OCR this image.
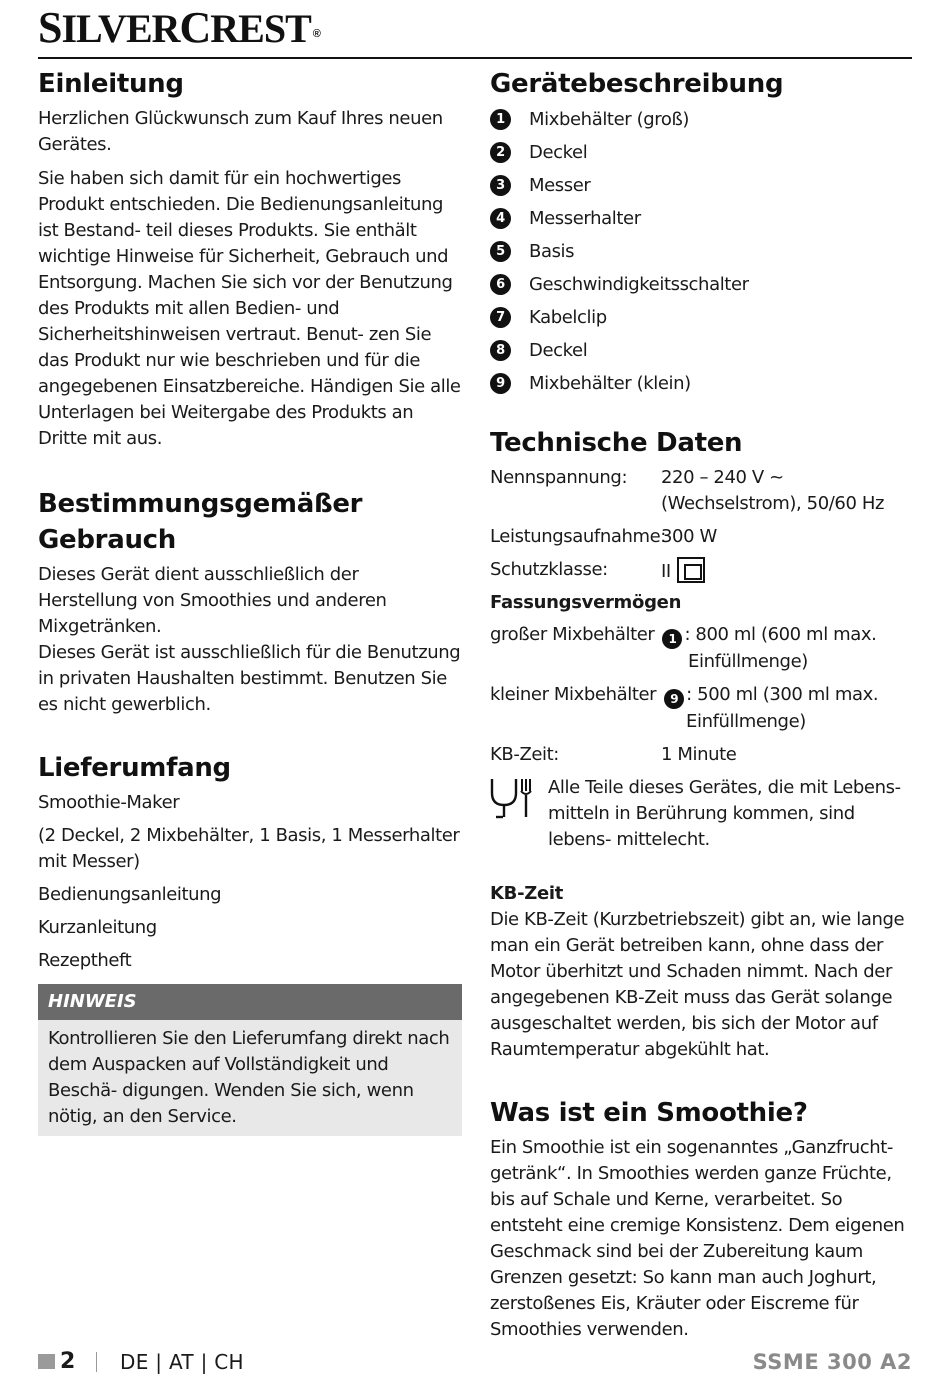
SILVERCREST ®
Einleitung

Herzlichen Glückwunsch zum Kauf Ihres neuen Gerätes.

Sie haben sich damit für ein hochwertiges Produkt entschieden. Die Bedienungsanleitung ist Bestand- teil dieses Produkts. Sie enthält wichtige Hinweise für Sicherheit, Gebrauch und Entsorgung. Machen Sie sich vor der Benutzung des Produkts mit allen Bedien- und Sicherheitshinweisen vertraut. Benut- zen Sie das Produkt nur wie beschrieben und für die angegebenen Einsatzbereiche. Händigen Sie alle Unterlagen bei Weitergabe des Produkts an Dritte mit aus.

Bestimmungsgemäßer
Gebrauch

Dieses Gerät dient ausschließlich der Herstellung von Smoothies und anderen Mixgetränken.

Dieses Gerät ist ausschließlich für die Benutzung in privaten Haushalten bestimmt. Benutzen Sie es nicht gewerblich.

Lieferumfang
Smoothie-Maker
(2 Deckel, 2 Mixbehälter, 1 Basis, 1 Messerhalter mit Messer)
Bedienungsanleitung
Kurzanleitung
Rezeptheft
HINWEIS
Kontrollieren Sie den Lieferumfang direkt nach dem Auspacken auf Vollständigkeit und Beschä- digungen. Wenden Sie sich, wenn nötig, an den Service.
Gerätebeschreibung
1	Mixbehälter (groß)
2	Deckel
3	Messer
4	Messerhalter
5	Basis
6	Geschwindigkeitsschalter
7	Kabelclip
8	Deckel
9	Mixbehälter (klein)
Technische Daten
Nennspannung:	220 – 240 V ~
(Wechselstrom), 50/60 Hz
Leistungsaufnahme:
300 W
Schutzklasse:	II
Fassungsvermögen
großer Mixbehälter 1 : 800 ml (600 ml max.
Einfüllmenge)
kleiner Mixbehälter 9 : 500 ml (300 ml max.
Einfüllmenge)
KB-Zeit:	1 Minute
Alle Teile dieses Gerätes, die mit Lebens- mitteln in Berührung kommen, sind lebens- mittelecht.
KB-Zeit

Die KB-Zeit (Kurzbetriebszeit) gibt an, wie lange man ein Gerät betreiben kann, ohne dass der Motor überhitzt und Schaden nimmt. Nach der angegebenen KB-Zeit muss das Gerät solange ausgeschaltet werden, bis sich der Motor auf Raumtemperatur abgekühlt hat.

Was ist ein Smoothie?

Ein Smoothie ist ein sogenanntes „Ganzfrucht- getränk“. In Smoothies werden ganze Früchte, bis auf Schale und Kerne, verarbeitet. So entsteht eine cremige Konsistenz. Dem eigenen Geschmack sind bei der Zubereitung kaum Grenzen gesetzt: So kann man auch Joghurt, zerstoßenes Eis, Kräuter oder Eiscreme für Smoothies verwenden.

2 DE | AT | CH	SSME 300 A2
